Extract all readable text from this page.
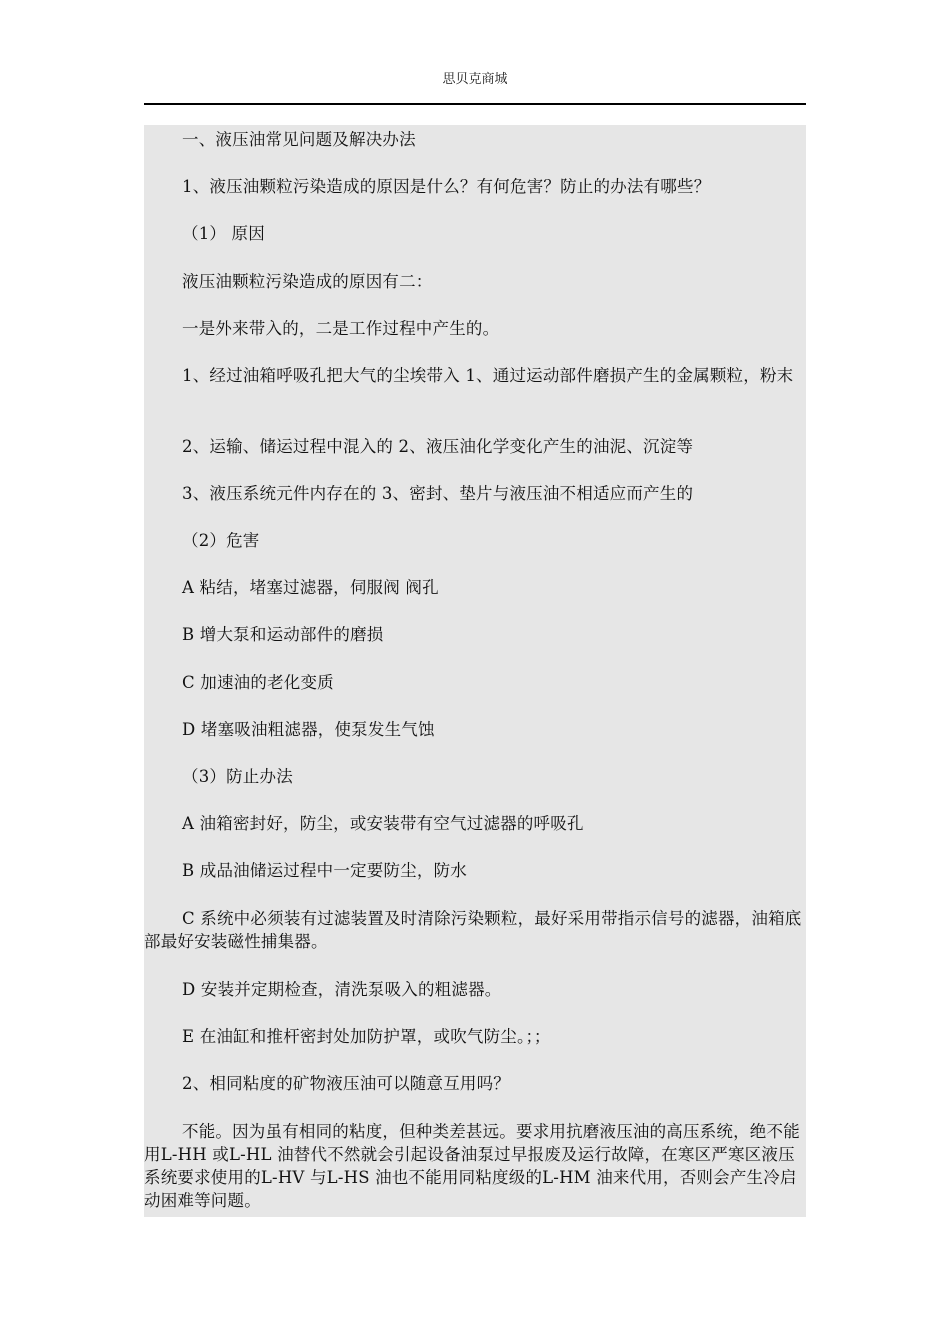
思贝克商城

一、液压油常见问题及解决办法

1、液压油颗粒污染造成的原因是什么？有何危害？防止的办法有哪些？

（1） 原因

液压油颗粒污染造成的原因有二：

一是外来带入的，二是工作过程中产生的。

1、经过油箱呼吸孔把大气的尘埃带入 1、通过运动部件磨损产生的金属颗粒，粉末

2、运输、储运过程中混入的 2、液压油化学变化产生的油泥、沉淀等

3、液压系统元件内存在的 3、密封、垫片与液压油不相适应而产生的

（2）危害

A 粘结，堵塞过滤器，伺服阀 阀孔

B 增大泵和运动部件的磨损

C 加速油的老化变质

D 堵塞吸油粗滤器，使泵发生气蚀

（3）防止办法

A 油箱密封好，防尘，或安装带有空气过滤器的呼吸孔

B 成品油储运过程中一定要防尘，防水

C 系统中必须装有过滤装置及时清除污染颗粒，最好采用带指示信号的滤器，油箱底部最好安装磁性捕集器。

D 安装并定期检查，清洗泵吸入的粗滤器。

E 在油缸和推杆密封处加防护罩，或吹气防尘。；；

2、相同粘度的矿物液压油可以随意互用吗？

不能。因为虽有相同的粘度，但种类差甚远。要求用抗磨液压油的高压系统，绝不能用L-HH 或L-HL 油替代不然就会引起设备油泵过早报废及运行故障，在寒区严寒区液压系统要求使用的L-HV 与L-HS 油也不能用同粘度级的L-HM 油来代用，否则会产生冷启动困难等问题。
